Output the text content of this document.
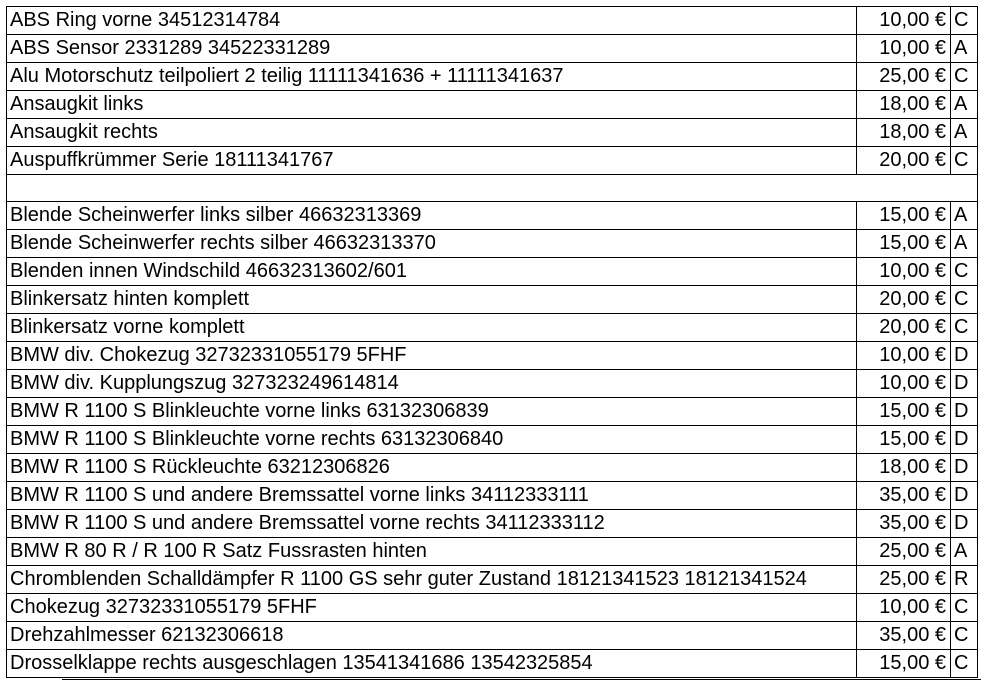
ABS Ring vorne 34512314784	10,00 €	C
ABS Sensor 2331289 34522331289	10,00 €	A
Alu Motorschutz teilpoliert 2 teilig 11111341636 + 11111341637	25,00 €	C
Ansaugkit links	18,00 €	A
Ansaugkit rechts	18,00 €	A
Auspuffkrümmer Serie 18111341767	20,00 €	C

Blende Scheinwerfer links silber 46632313369	15,00 €	A
Blende Scheinwerfer rechts silber 46632313370	15,00 €	A
Blenden innen Windschild 46632313602/601	10,00 €	C
Blinkersatz hinten komplett	20,00 €	C
Blinkersatz vorne komplett	20,00 €	C
BMW div. Chokezug 32732331055179 5FHF	10,00 €	D
BMW div. Kupplungszug 327323249614814	10,00 €	D
BMW R 1100 S Blinkleuchte vorne links 63132306839	15,00 €	D
BMW R 1100 S Blinkleuchte vorne rechts 63132306840	15,00 €	D
BMW R 1100 S Rückleuchte 63212306826	18,00 €	D
BMW R 1100 S und andere Bremssattel vorne links 34112333111	35,00 €	D
BMW R 1100 S und andere Bremssattel vorne rechts 34112333112	35,00 €	D
BMW R 80 R / R 100 R Satz Fussrasten hinten	25,00 €	A
Chromblenden Schalldämpfer R 1100 GS sehr guter Zustand 18121341523 18121341524	25,00 €	R
Chokezug 32732331055179 5FHF	10,00 €	C
Drehzahlmesser 62132306618	35,00 €	C
Drosselklappe rechts ausgeschlagen 13541341686 13542325854	15,00 €	C
